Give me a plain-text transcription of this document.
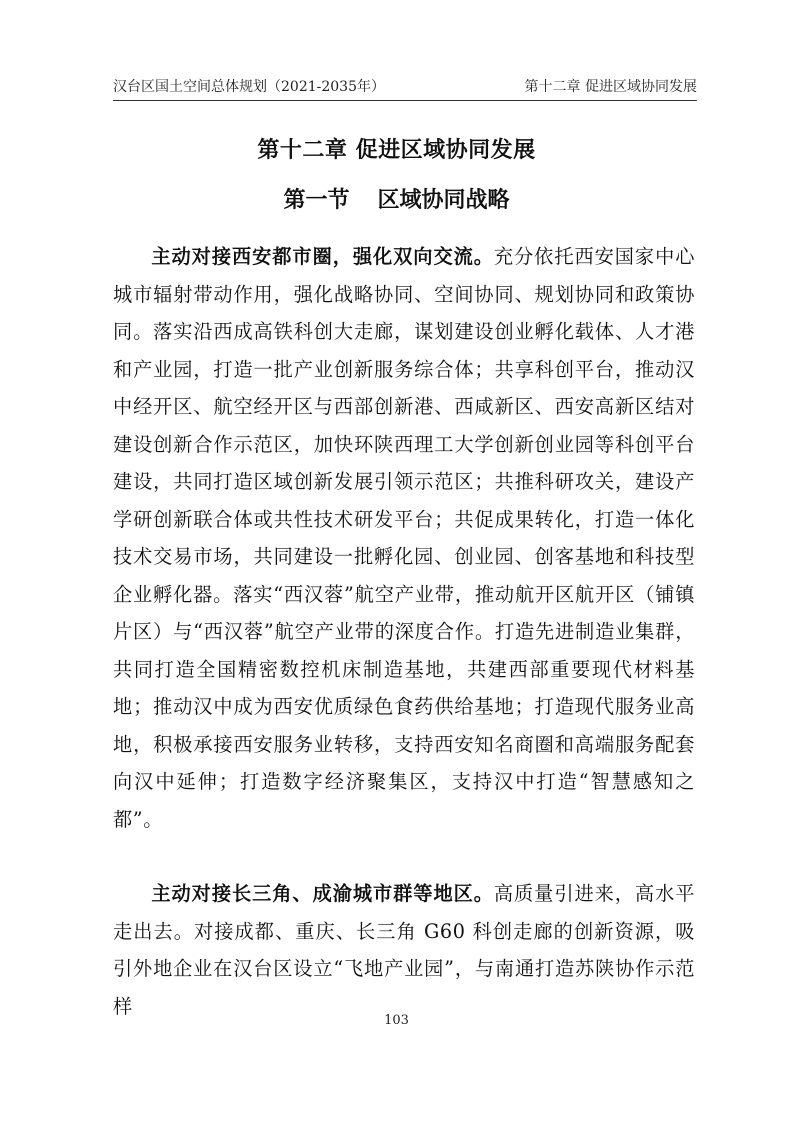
汉台区国土空间总体规划（2021-2035年）	第十二章 促进区域协同发展
第十二章 促进区域协同发展
第一节 区域协同战略

主动对接西安都市圈，强化双向交流。充分依托西安国家中心城市辐射带动作用，强化战略协同、空间协同、规划协同和政策协同。落实沿西成高铁科创大走廊，谋划建设创业孵化载体、人才港和产业园，打造一批产业创新服务综合体；共享科创平台，推动汉中经开区、航空经开区与西部创新港、西咸新区、西安高新区结对建设创新合作示范区，加快环陕西理工大学创新创业园等科创平台建设，共同打造区域创新发展引领示范区；共推科研攻关，建设产学研创新联合体或共性技术研发平台；共促成果转化，打造一体化技术交易市场，共同建设一批孵化园、创业园、创客基地和科技型企业孵化器。落实“西汉蓉”航空产业带，推动航开区航开区（铺镇片区）与“西汉蓉”航空产业带的深度合作。打造先进制造业集群，共同打造全国精密数控机床制造基地，共建西部重要现代材料基地；推动汉中成为西安优质绿色食药供给基地；打造现代服务业高地，积极承接西安服务业转移，支持西安知名商圈和高端服务配套向汉中延伸；打造数字经济聚集区，支持汉中打造“智慧感知之都”。

主动对接长三角、成渝城市群等地区。高质量引进来，高水平走出去。对接成都、重庆、长三角 G60 科创走廊的创新资源，吸引外地企业在汉台区设立“飞地产业园”，与南通打造苏陕协作示范样

103
